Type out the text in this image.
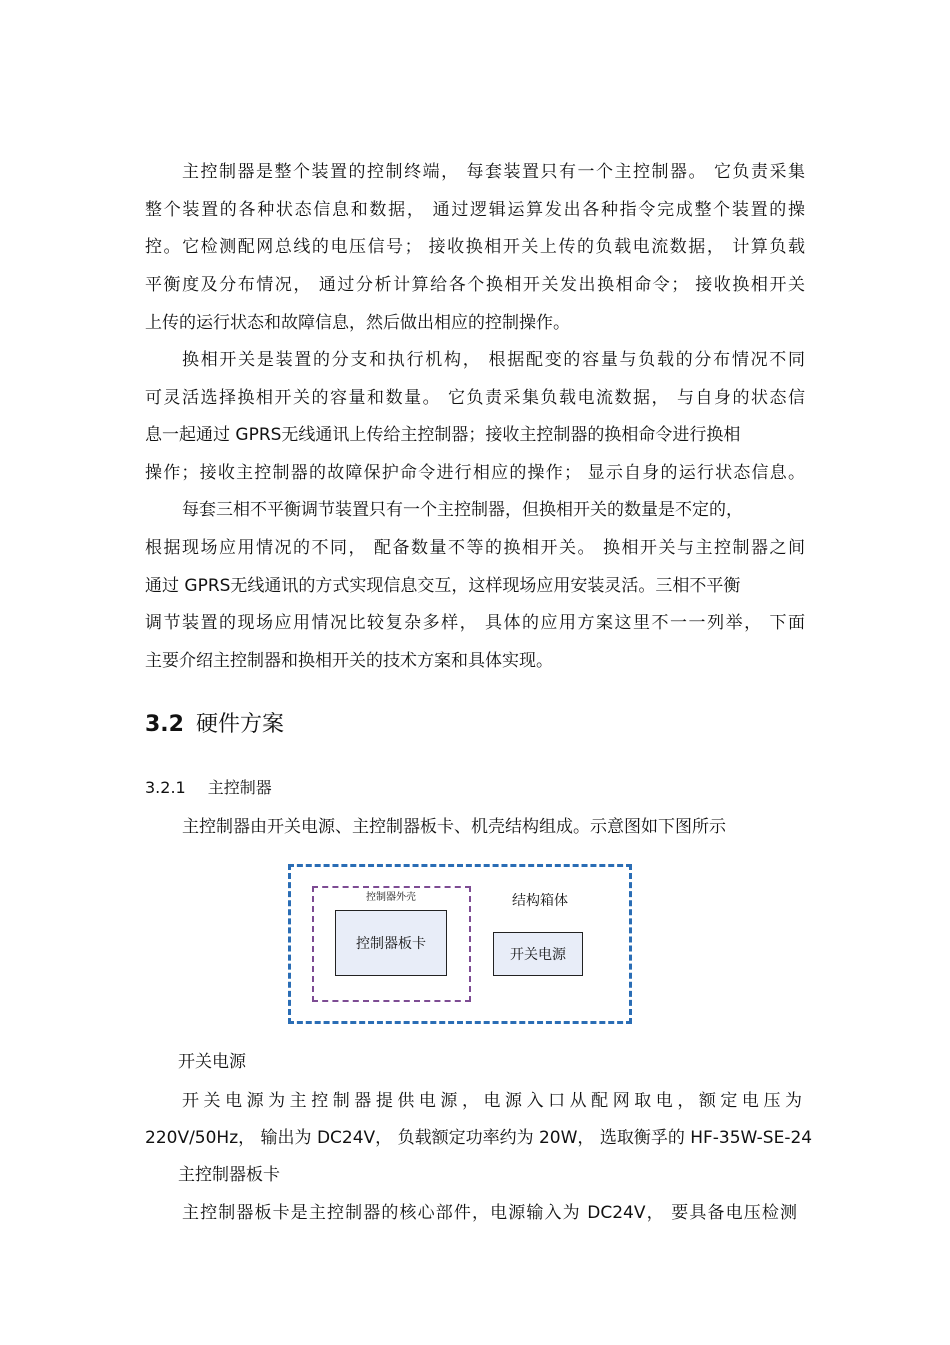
主控制器是整个装置的控制终端， 每套装置只有一个主控制器。 它负责采集
整个装置的各种状态信息和数据， 通过逻辑运算发出各种指令完成整个装置的操
控。它检测配网总线的电压信号； 接收换相开关上传的负载电流数据， 计算负载
平衡度及分布情况， 通过分析计算给各个换相开关发出换相命令； 接收换相开关
上传的运行状态和故障信息，然后做出相应的控制操作。
换相开关是装置的分支和执行机构， 根据配变的容量与负载的分布情况不同
可灵活选择换相开关的容量和数量。 它负责采集负载电流数据， 与自身的状态信
息一起通过 GPRS无线通讯上传给主控制器；接收主控制器的换相命令进行换相
操作；接收主控制器的故障保护命令进行相应的操作； 显示自身的运行状态信息。
每套三相不平衡调节装置只有一个主控制器，但换相开关的数量是不定的，
根据现场应用情况的不同， 配备数量不等的换相开关。 换相开关与主控制器之间
通过 GPRS无线通讯的方式实现信息交互，这样现场应用安装灵活。三相不平衡
调节装置的现场应用情况比较复杂多样， 具体的应用方案这里不一一列举， 下面
主要介绍主控制器和换相开关的技术方案和具体实现。
3.2 硬件方案
3.2.1 主控制器
主控制器由开关电源、主控制器板卡、机壳结构组成。示意图如下图所示
控制器外壳
控制器板卡
结构箱体
开关电源
开关电源
开关电源为主控制器提供电源，电源入口从配网取电，额定电压为
220V/50Hz， 输出为 DC24V， 负载额定功率约为 20W， 选取衡孚的 HF-35W-SE-24
主控制器板卡
主控制器板卡是主控制器的核心部件，电源输入为 DC24V， 要具备电压检测
